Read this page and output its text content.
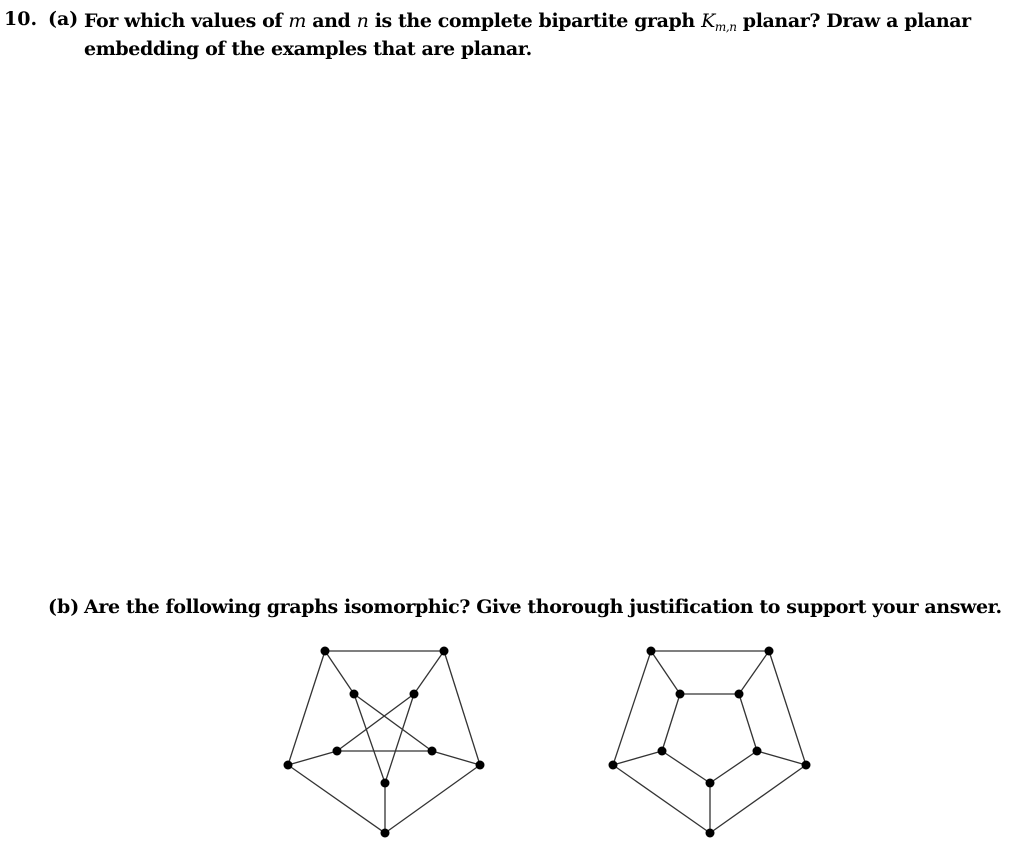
10. (a) For which values of m and n is the complete bipartite graph $K_{m,n}$ planar? Draw a planar embedding of the examples that are planar.
(b) Are the following graphs isomorphic? Give thorough justification to support your answer.
